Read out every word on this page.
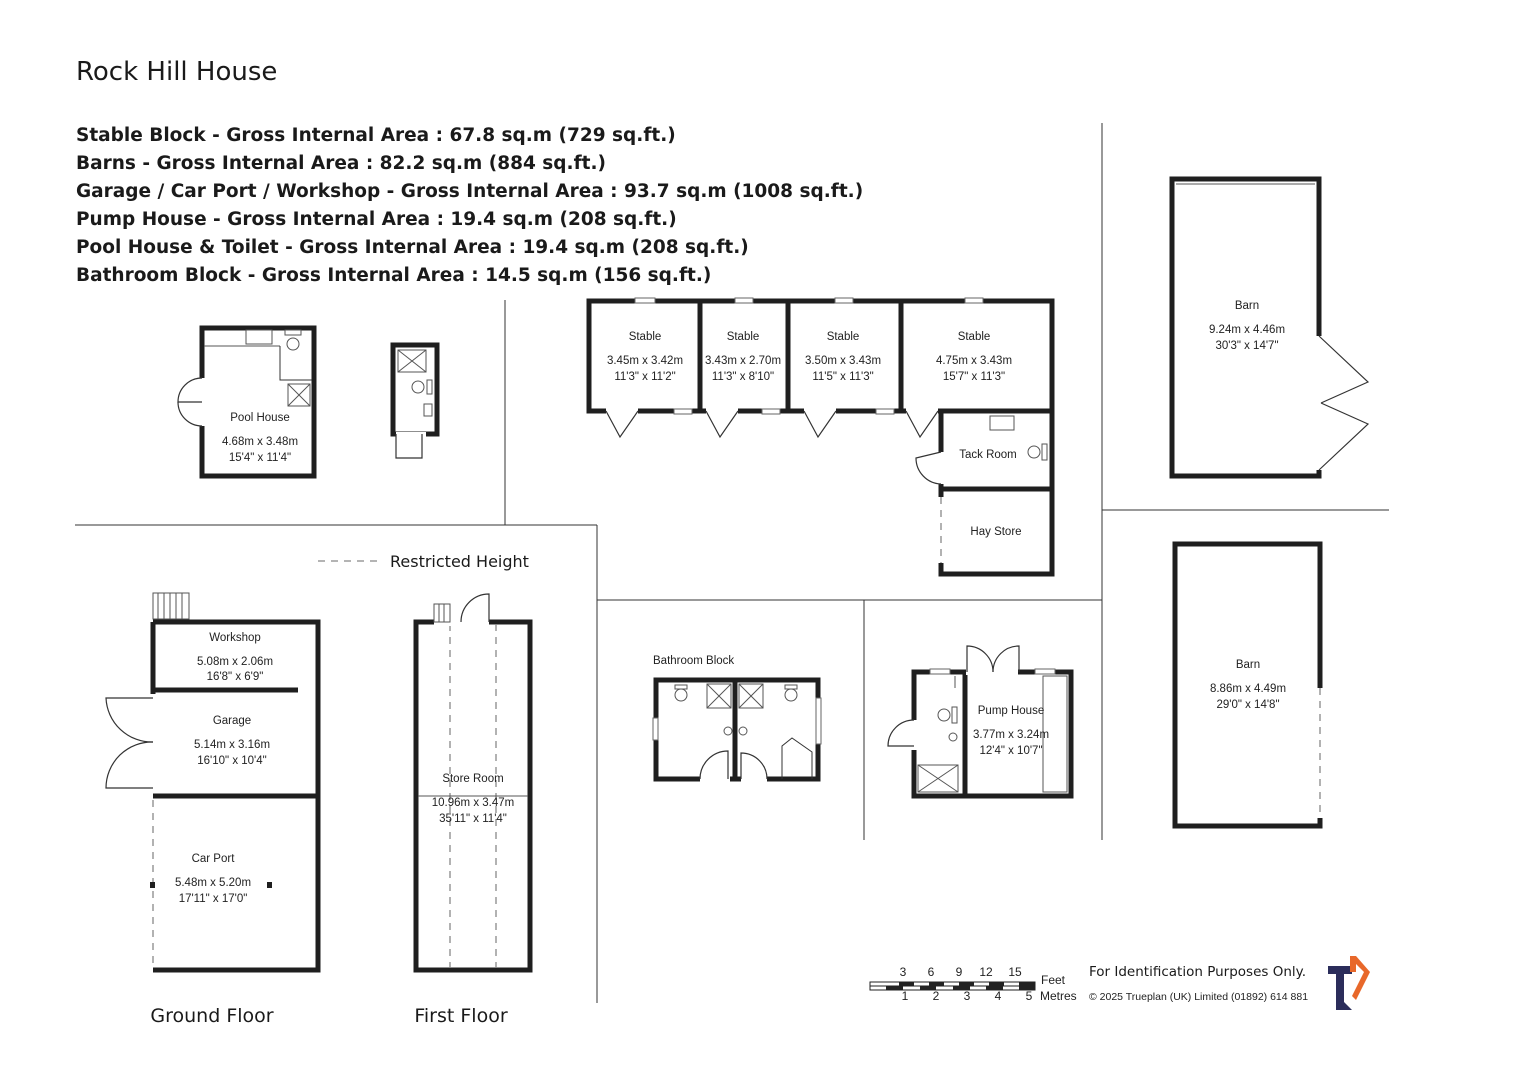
Rock Hill House
Stable Block - Gross Internal Area : 67.8 sq.m (729 sq.ft.)
Barns - Gross Internal Area : 82.2 sq.m (884 sq.ft.)
Garage / Car Port / Workshop - Gross Internal Area : 93.7 sq.m (1008 sq.ft.)
Pump House - Gross Internal Area : 19.4 sq.m (208 sq.ft.)
Pool House & Toilet - Gross Internal Area : 19.4 sq.m (208 sq.ft.)
Bathroom Block - Gross Internal Area : 14.5 sq.m (156 sq.ft.)
Pool House
4.68m x 3.48m
15'4" x 11'4"
Stable
3.45m x 3.42m
11'3" x 11'2"
Stable
3.43m x 2.70m
11'3" x 8'10"
Stable
3.50m x 3.43m
11'5" x 11'3"
Stable
4.75m x 3.43m
15'7" x 11'3"
Tack Room
Hay Store
Barn
9.24m x 4.46m
30'3" x 14'7"
Barn
8.86m x 4.49m
29'0" x 14'8"
Restricted Height
Workshop
5.08m x 2.06m
16'8" x 6'9"
Garage
5.14m x 3.16m
16'10" x 10'4"
Car Port
5.48m x 5.20m
17'11" x 17'0"
Ground Floor
Store Room
10.96m x 3.47m
35'11" x 11'4"
First Floor
Bathroom Block
Pump House
3.77m x 3.24m
12'4" x 10'7"
3 6 9 12 15
Feet
1 2 3 4 5 Metres
For Identification Purposes Only.
© 2025 Trueplan (UK) Limited (01892) 614 881
